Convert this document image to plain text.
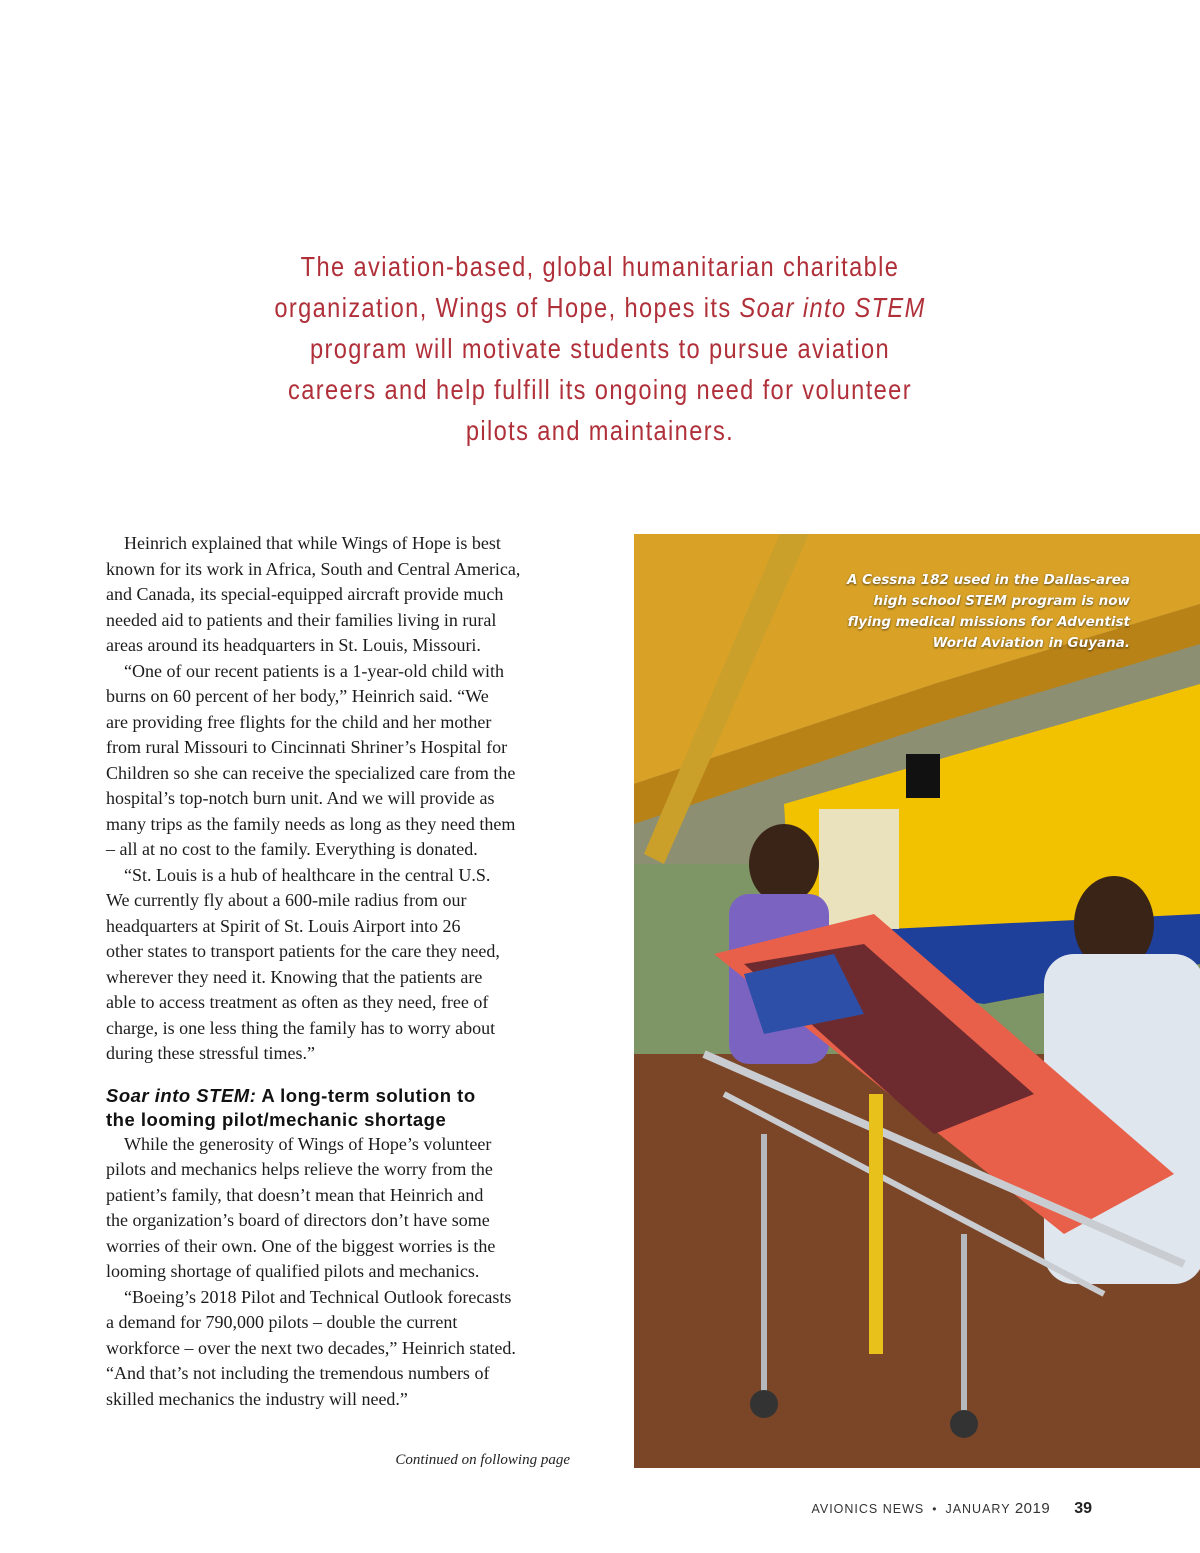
The aviation-based, global humanitarian charitable
organization, Wings of Hope, hopes its Soar into STEM
program will motivate students to pursue aviation
careers and help fulfill its ongoing need for volunteer
pilots and maintainers.

Heinrich explained that while Wings of Hope is best
known for its work in Africa, South and Central America,
and Canada, its special-equipped aircraft provide much
needed aid to patients and their families living in rural
areas around its headquarters in St. Louis, Missouri.

“One of our recent patients is a 1-year-old child with
burns on 60 percent of her body,” Heinrich said. “We
are providing free flights for the child and her mother
from rural Missouri to Cincinnati Shriner’s Hospital for
Children so she can receive the specialized care from the
hospital’s top-notch burn unit. And we will provide as
many trips as the family needs as long as they need them
– all at no cost to the family. Everything is donated.

“St. Louis is a hub of healthcare in the central U.S.
We currently fly about a 600-mile radius from our
headquarters at Spirit of St. Louis Airport into 26
other states to transport patients for the care they need,
wherever they need it. Knowing that the patients are
able to access treatment as often as they need, free of
charge, is one less thing the family has to worry about
during these stressful times.”

Soar into STEM: A long-term solution to
the looming pilot/mechanic shortage

While the generosity of Wings of Hope’s volunteer
pilots and mechanics helps relieve the worry from the
patient’s family, that doesn’t mean that Heinrich and
the organization’s board of directors don’t have some
worries of their own. One of the biggest worries is the
looming shortage of qualified pilots and mechanics.

“Boeing’s 2018 Pilot and Technical Outlook forecasts
a demand for 790,000 pilots – double the current
workforce – over the next two decades,” Heinrich stated.
“And that’s not including the tremendous numbers of
skilled mechanics the industry will need.”

Continued on following page
A Cessna 182 used in the Dallas-area
high school STEM program is now
flying medical missions for Adventist
World Aviation in Guyana.
AVIONICS NEWS • JANUARY 2019 39
